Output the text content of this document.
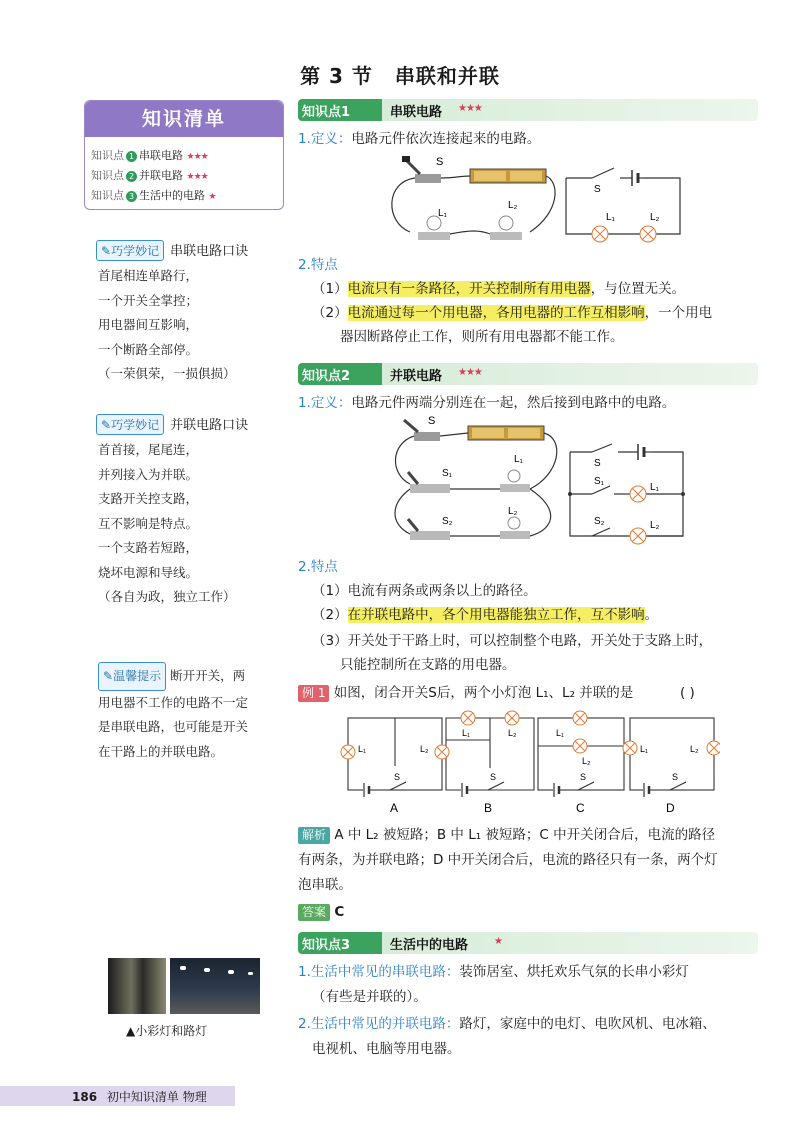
第 3 节 串联和并联
知识清单
知识点 1 串联电路 ★★★
知识点 2 并联电路 ★★★
知识点 3 生活中的电路 ★
✎巧学妙记 串联电路口诀
首尾相连单路行，
一个开关全掌控；
用电器间互影响，
一个断路全部停。
（一荣俱荣，一损俱损）
✎巧学妙记 并联电路口诀
首首接，尾尾连，
并列接入为并联。
支路开关控支路，
互不影响是特点。
一个支路若短路，
烧坏电源和导线。
（各自为政，独立工作）
✎温馨提示 断开开关，两
用电器不工作的电路不一定
是串联电路，也可能是开关
在干路上的并联电路。
▲小彩灯和路灯
知识点1	串联电路 ★★★
1.定义：电路元件依次连接起来的电路。
S
L₁
L₂
S
L₁	L₂
2.特点
（1）电流只有一条路径，开关控制所有用电器，与位置无关。
（2）电流通过每一个用电器，各用电器的工作互相影响，一个用电
器因断路停止工作，则所有用电器都不能工作。
知识点2	并联电路 ★★★
1.定义：电路元件两端分别连在一起，然后接到电路中的电路。
S
S₁
L₁
S₂
L₂
S
S₁
L₁
S₂	L₂
2.特点
（1）电流有两条或两条以上的路径。
（2）在并联电路中，各个用电器能独立工作，互不影响。
（3）开关处于干路上时，可以控制整个电路，开关处于支路上时，
只能控制所在支路的用电器。
例 1 如图，闭合开关S后，两个小灯泡 L₁、L₂ 并联的是	( )
L₁	L₂
L₁	L₂	L₁
L₂
L₁	L₂
S	S	S	S
A	B	C	D
解析 A 中 L₂ 被短路；B 中 L₁ 被短路；C 中开关闭合后，电流的路径
有两条，为并联电路；D 中开关闭合后，电流的路径只有一条，两个灯
泡串联。
答案 C
知识点3	生活中的电路	★
1.生活中常见的串联电路：装饰居室、烘托欢乐气氛的长串小彩灯
（有些是并联的）。
2.生活中常见的并联电路：路灯，家庭中的电灯、电吹风机、电冰箱、
电视机、电脑等用电器。
186 初中知识清单 物理
